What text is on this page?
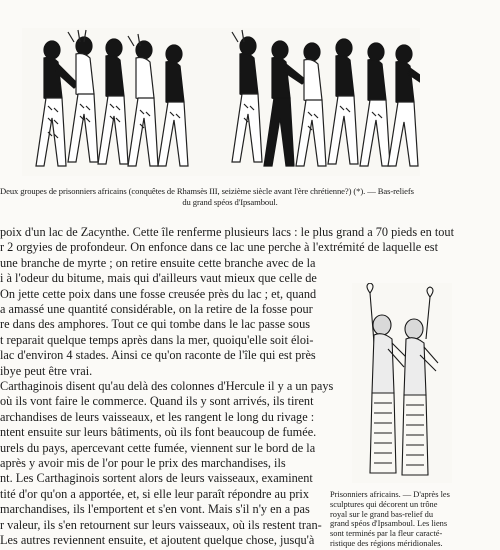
Deux groupes de prisonniers africains (conquêtes de Rhamsès III, seizième siècle avant l'ère chrétienne?) (*). — Bas-reliefs
du grand spéos d'Ipsamboul.
poix d'un lac de Zacynthe. Cette île renferme plusieurs lacs : le plus grand a 70 pieds en tout
r 2 orgyies de profondeur. On enfonce dans ce lac une perche à l'extrémité de laquelle est
une branche de myrte ; on retire ensuite cette branche avec de la
i à l'odeur du bitume, mais qui d'ailleurs vaut mieux que celle de
On jette cette poix dans une fosse creusée près du lac ; et, quand
a amassé une quantité considérable, on la retire de la fosse pour
re dans des amphores. Tout ce qui tombe dans le lac passe sous
t reparait quelque temps après dans la mer, quoiqu'elle soit éloi-
lac d'environ 4 stades. Ainsi ce qu'on raconte de l'île qui est près
ibye peut être vrai.
Carthaginois disent qu'au delà des colonnes d'Hercule il y a un pays
où ils vont faire le commerce. Quand ils y sont arrivés, ils tirent
archandises de leurs vaisseaux, et les rangent le long du rivage :
ntent ensuite sur leurs bâtiments, où ils font beaucoup de fumée.
urels du pays, apercevant cette fumée, viennent sur le bord de la
après y avoir mis de l'or pour le prix des marchandises, ils
nt. Les Carthaginois sortent alors de leurs vaisseaux, examinent
tité d'or qu'on a apportée, et, si elle leur paraît répondre au prix
marchandises, ils l'emportent et s'en vont. Mais s'il n'y en a pas
r valeur, ils s'en retournent sur leurs vaisseaux, où ils restent tran-
Les autres reviennent ensuite, et ajoutent quelque chose, jusqu'à
Prisonniers africains. — D'après les
sculptures qui décorent un trône
royal sur le grand bas-relief du
grand spéos d'Ipsamboul. Les liens
sont terminés par la fleur caracté-
ristique des régions méridionales.
